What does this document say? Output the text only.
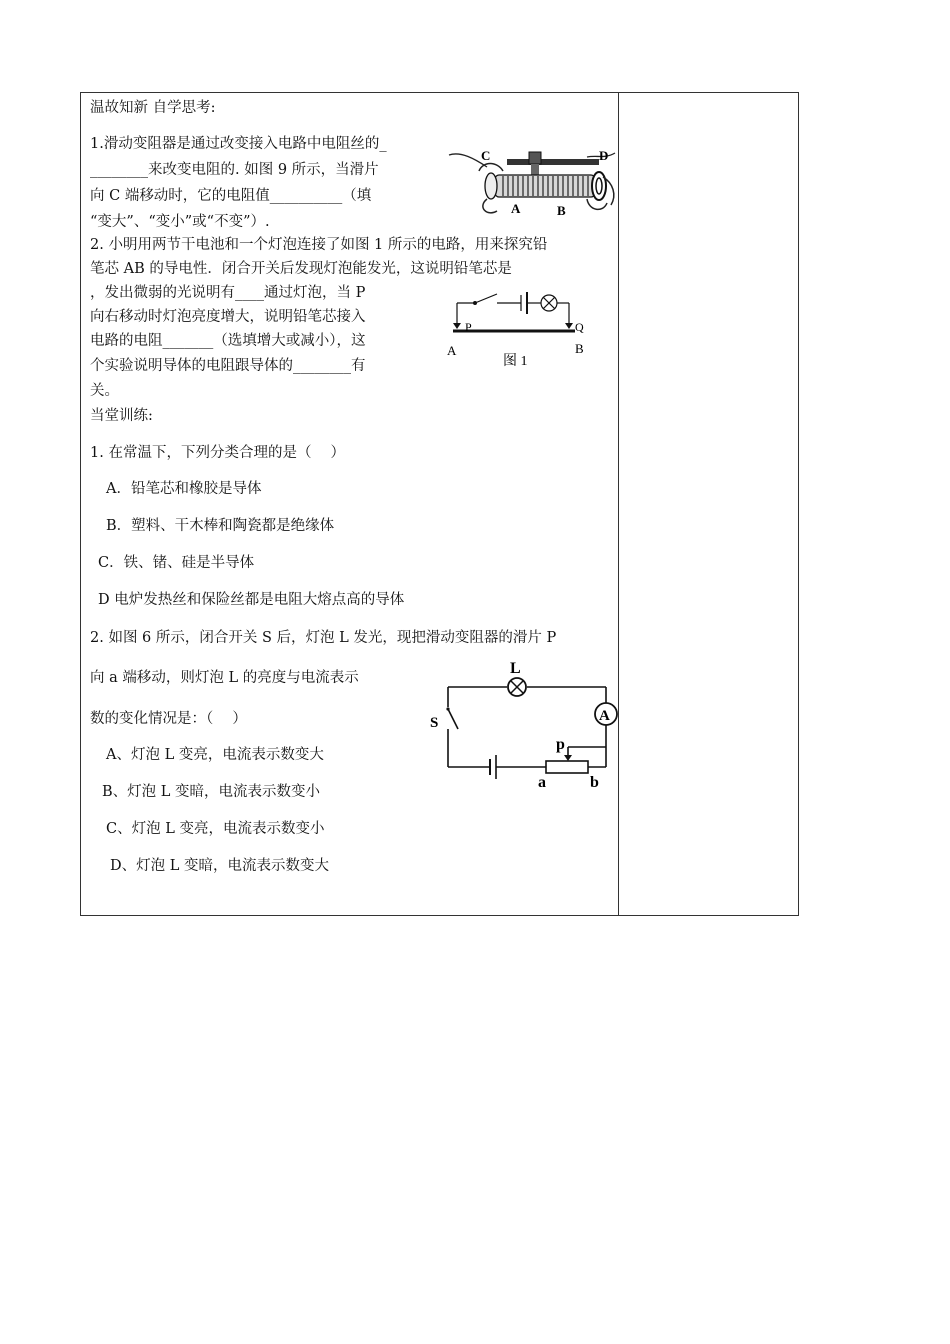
温故知新 自学思考:
1.滑动变阻器是通过改变接入电路中电阻丝的_
________来改变电阻的. 如图 9 所示，当滑片
向 C 端移动时，它的电阻值__________（填
“变大”、“变小”或“不变”）.
2. 小明用两节干电池和一个灯泡连接了如图 1 所示的电路，用来探究铅
笔芯 AB 的导电性．闭合开关后发现灯泡能发光，这说明铅笔芯是
，发出微弱的光说明有____通过灯泡，当 P
向右移动时灯泡亮度增大，说明铅笔芯接入
电路的电阻_______（选填增大或减小），这
个实验说明导体的电阻跟导体的________有
关。
当堂训练:
1. 在常温下，下列分类合理的是（　 ）
A．铅笔芯和橡胶是导体
B．塑料、干木棒和陶瓷都是绝缘体
C．铁、锗、硅是半导体
D 电炉发热丝和保险丝都是电阻大熔点高的导体
2. 如图 6 所示，闭合开关 S 后，灯泡 L 发光，现把滑动变阻器的滑片 P
向 a 端移动，则灯泡 L 的亮度与电流表示
数的变化情况是：（　 ）
A、灯泡 L 变亮，电流表示数变大
B、灯泡 L 变暗，电流表示数变小
C、灯泡 L 变亮，电流表示数变小
D、灯泡 L 变暗，电流表示数变大
C	D
A	B
A	B
P	Q
图 1
L
S	A
p
a	b
